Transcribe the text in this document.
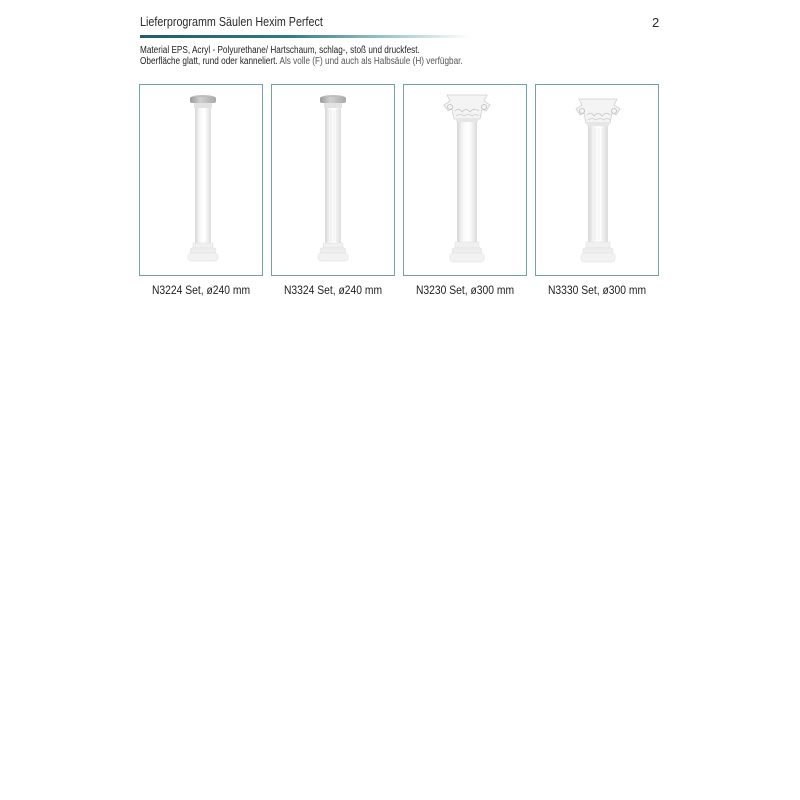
Lieferprogramm Säulen Hexim Perfect	2
Material EPS, Acryl - Polyurethane/ Hartschaum, schlag-, stoß und druckfest.
Oberfläche glatt, rund oder kanneliert. Als volle (F) und auch als Halbsäule (H) verfügbar.
N3224 Set, ø240 mm	N3324 Set, ø240 mm	N3230 Set, ø300 mm	N3330 Set, ø300 mm
